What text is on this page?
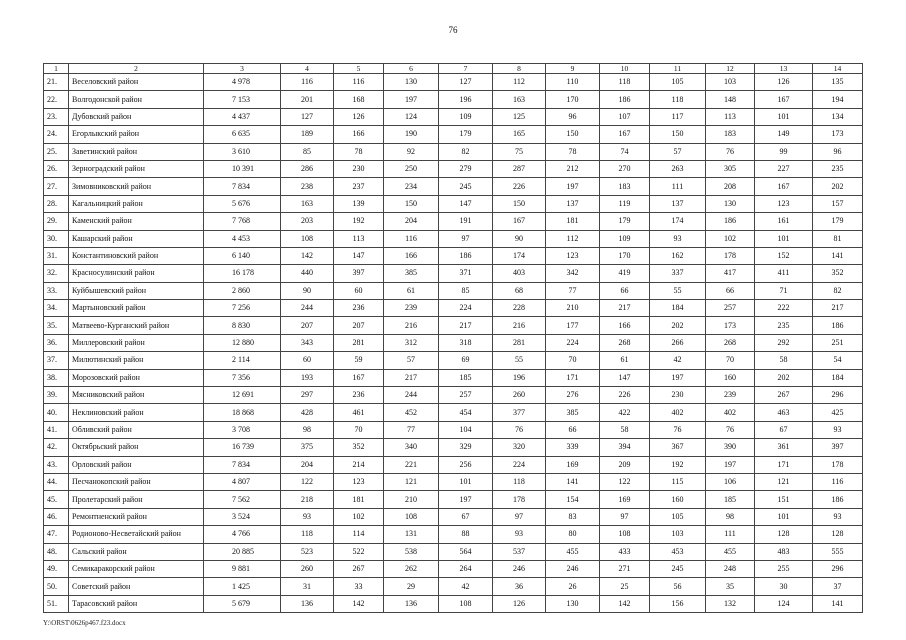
76
1	2	3	4	5	6	7	8	9	10	11	12	13	14
21.	Веселовский район	4 978	116	116	130	127	112	110	118	105	103	126	135
22.	Волгодонской район	7 153	201	168	197	196	163	170	186	118	148	167	194
23.	Дубовский район	4 437	127	126	124	109	125	96	107	117	113	101	134
24.	Егорлыкский район	6 635	189	166	190	179	165	150	167	150	183	149	173
25.	Заветинский район	3 610	85	78	92	82	75	78	74	57	76	99	96
26.	Зерноградский район	10 391	286	230	250	279	287	212	270	263	305	227	235
27.	Зимовниковский район	7 834	238	237	234	245	226	197	183	111	208	167	202
28.	Кагальницкий район	5 676	163	139	150	147	150	137	119	137	130	123	157
29.	Каменский район	7 768	203	192	204	191	167	181	179	174	186	161	179
30.	Кашарский район	4 453	108	113	116	97	90	112	109	93	102	101	81
31.	Константиновский район	6 140	142	147	166	186	174	123	170	162	178	152	141
32.	Красносулинский район	16 178	440	397	385	371	403	342	419	337	417	411	352
33.	Куйбышевский район	2 860	90	60	61	85	68	77	66	55	66	71	82
34.	Мартыновский район	7 256	244	236	239	224	228	210	217	184	257	222	217
35.	Матвеево-Курганский район	8 830	207	207	216	217	216	177	166	202	173	235	186
36.	Миллеровский район	12 880	343	281	312	318	281	224	268	266	268	292	251
37.	Милютинский район	2 114	60	59	57	69	55	70	61	42	70	58	54
38.	Морозовский район	7 356	193	167	217	185	196	171	147	197	160	202	184
39.	Мясниковский район	12 691	297	236	244	257	260	276	226	230	239	267	296
40.	Неклиновский район	18 868	428	461	452	454	377	385	422	402	402	463	425
41.	Обливский район	3 708	98	70	77	104	76	66	58	76	76	67	93
42.	Октябрьский район	16 739	375	352	340	329	320	339	394	367	390	361	397
43.	Орловский район	7 834	204	214	221	256	224	169	209	192	197	171	178
44.	Песчанокопский район	4 807	122	123	121	101	118	141	122	115	106	121	116
45.	Пролетарский район	7 562	218	181	210	197	178	154	169	160	185	151	186
46.	Ремонтненский район	3 524	93	102	108	67	97	83	97	105	98	101	93
47.	Родионово-Несветайский район	4 766	118	114	131	88	93	80	108	103	111	128	128
48.	Сальский район	20 885	523	522	538	564	537	455	433	453	455	483	555
49.	Семикаракорский район	9 881	260	267	262	264	246	246	271	245	248	255	296
50.	Советский район	1 425	31	33	29	42	36	26	25	56	35	30	37
51.	Тарасовский район	5 679	136	142	136	108	126	130	142	156	132	124	141
Y:\ORST\0626p467.f23.docx
